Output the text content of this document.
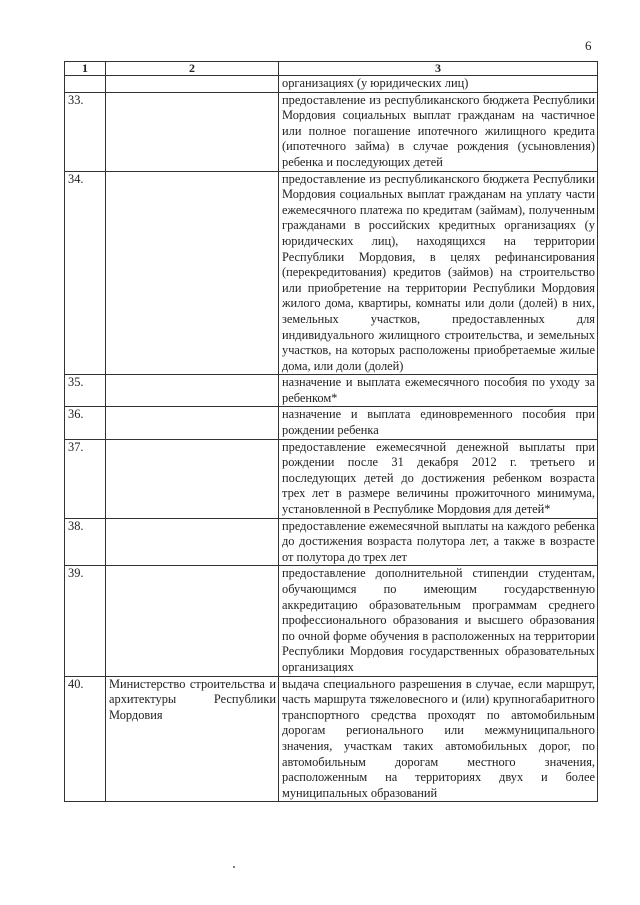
6
1	2	3
		организациях (у юридических лиц)
33.		предоставление из республиканского бюджета Республики Мордовия социальных выплат гражданам на частичное или полное погашение ипотечного жилищного кредита (ипотечного займа) в случае рождения (усыновления) ребенка и последующих детей
34.		предоставление из республиканского бюджета Республики Мордовия социальных выплат гражданам на уплату части ежемесячного платежа по кредитам (займам), полученным гражданами в российских кредитных организациях (у юридических лиц), находящихся на территории Республики Мордовия, в целях рефинансирования (перекредитования) кредитов (займов) на строительство или приобретение на территории Республики Мордовия жилого дома, квартиры, комнаты или доли (долей) в них, земельных участков, предоставленных для индивидуального жилищного строительства, и земельных участков, на которых расположены приобретаемые жилые дома, или доли (долей)
35.		назначение и выплата ежемесячного пособия по уходу за ребенком*
36.		назначение и выплата единовременного пособия при рождении ребенка
37.		предоставление ежемесячной денежной выплаты при рождении после 31 декабря 2012 г. третьего и последующих детей до достижения ребенком возраста трех лет в размере величины прожиточного минимума, установленной в Республике Мордовия для детей*
38.		предоставление ежемесячной выплаты на каждого ребенка до достижения возраста полутора лет, а также в возрасте от полутора до трех лет
39.		предоставление дополнительной стипендии студентам, обучающимся по имеющим государственную аккредитацию образовательным программам среднего профессионального образования и высшего образования по очной форме обучения в расположенных на территории Республики Мордовия государственных образовательных организациях
40.	Министерство строительства и архитектуры Республики Мордовия	выдача специального разрешения в случае, если маршрут, часть маршрута тяжеловесного и (или) крупногабаритного транспортного средства проходят по автомобильным дорогам регионального или межмуниципального значения, участкам таких автомобильных дорог, по автомобильным дорогам местного значения, расположенным на территориях двух и более муниципальных образований
